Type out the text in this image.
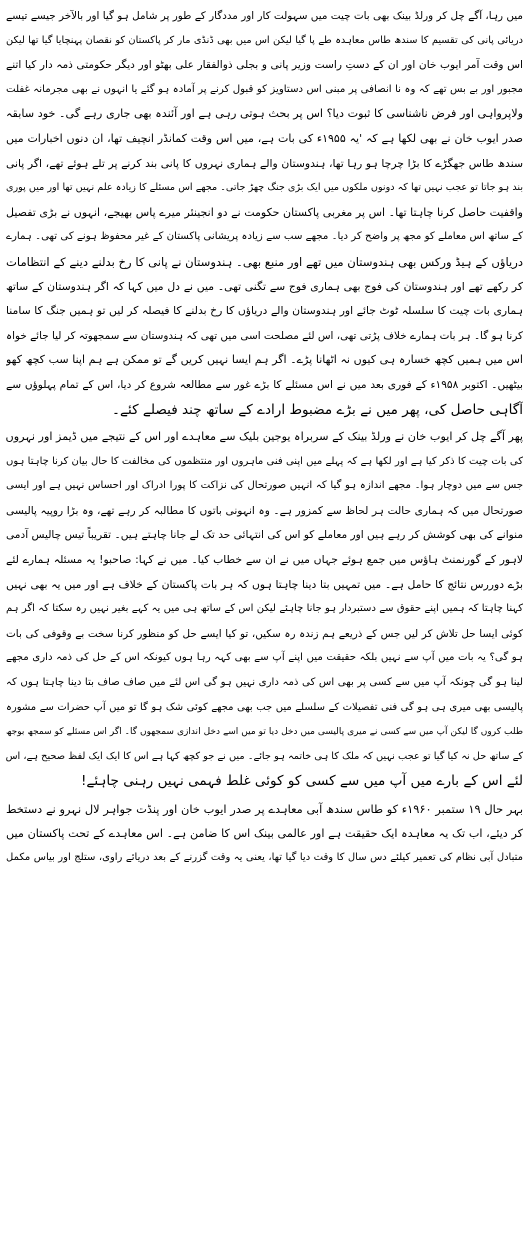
میں رہا، آگے چل کر ورلڈ بینک بھی بات چیت میں سہولت کار اور مددگار کے طور پر شامل ہو گیا اور بالآخر جیسے تیسے
دریائی پانی کی تقسیم کا سندھ طاس معاہدہ طے پا گیا لیکن اس میں بھی ڈنڈی مار کر پاکستان کو نقصان پہنچایا گیا تھا لیکن
اس وقت آمر ایوب خان اور ان کے دستِ راست وزیر پانی و بجلی ذوالفقار علی بھٹو اور دیگر حکومتی ذمہ دار کیا اتنے
مجبور اور بے بس تھے کہ وہ نا انصافی پر مبنی اس دستاویز کو قبول کرنے پر آمادہ ہو گئے یا انہوں نے بھی مجرمانہ غفلت
ولاپرواہی اور فرض ناشناسی کا ثبوت دیا؟ اس پر بحث ہوتی رہی ہے اور آئندہ بھی جاری رہے گی۔ خود سابقہ
صدر ایوب خان نے بھی لکھا ہے کہ 'یہ ۱۹۵۵ء کی بات ہے، میں اس وقت کمانڈر انچیف تھا، ان دنوں اخبارات میں
سندھ طاس جھگڑے کا بڑا چرچا ہو رہا تھا، ہندوستان والے ہماری نہروں کا پانی بند کرنے پر تلے ہوئے تھے، اگر پانی
بند ہو جاتا تو عجب نہیں تھا کہ دونوں ملکوں میں ایک بڑی جنگ چھڑ جاتی۔ مجھے اس مسئلے کا زیادہ علم نہیں تھا اور میں پوری
واقفیت حاصل کرنا چاہتا تھا۔ اس پر مغربی پاکستان حکومت نے دو انجینئر میرے پاس بھیجے، انہوں نے بڑی تفصیل
کے ساتھ اس معاملے کو مجھ پر واضح کر دیا۔ مجھے سب سے زیادہ پریشانی پاکستان کے غیر محفوظ ہونے کی تھی۔ ہمارے
دریاؤں کے ہیڈ ورکس بھی ہندوستان میں تھے اور منبع بھی۔ ہندوستان نے پانی کا رخ بدلنے دینے کے انتظامات
کر رکھے تھے اور ہندوستان کی فوج بھی ہماری فوج سے تگنی تھی۔ میں نے دل میں کہا کہ اگر ہندوستان کے ساتھ
ہماری بات چیت کا سلسلہ ٹوٹ جائے اور ہندوستان والے دریاؤں کا رخ بدلنے کا فیصلہ کر لیں تو ہمیں جنگ کا سامنا
کرنا ہو گا۔ ہر بات ہمارے خلاف پڑتی تھی، اس لئے مصلحت اسی میں تھی کہ ہندوستان سے سمجھوتہ کر لیا جائے خواہ
اس میں ہمیں کچھ خسارہ ہی کیوں نہ اٹھانا پڑے۔ اگر ہم ایسا نہیں کریں گے تو ممکن ہے ہم اپنا سب کچھ کھو
بیٹھیں۔ اکتوبر ۱۹۵۸ء کے فوری بعد میں نے اس مسئلے کا بڑے غور سے مطالعہ شروع کر دیا، اس کے تمام پہلوؤں سے
آگاہی حاصل کی، پھر میں نے بڑے مضبوط ارادے کے ساتھ چند فیصلے کئے۔
پھر آگے چل کر ایوب خان نے ورلڈ بینک کے سربراہ یوجین بلیک سے معاہدے اور اس کے نتیجے میں ڈیمز اور نہروں
کی بات چیت کا ذکر کیا ہے اور لکھا ہے کہ پہلے میں اپنی فنی ماہروں اور منتظموں کی مخالفت کا حال بیان کرنا چاہتا ہوں
جس سے میں دوچار ہوا۔ مجھے اندازہ ہو گیا کہ انہیں صورتحال کی نزاکت کا پورا ادراک اور احساس نہیں ہے اور ایسی
صورتحال میں کہ ہماری حالت ہر لحاظ سے کمزور ہے۔ وہ انہونی باتوں کا مطالبہ کر رہے تھے، وہ بڑا روپیہ پالیسی
منوانے کی بھی کوشش کر رہے ہیں اور معاملے کو اس کی انتہائی حد تک لے جانا چاہتے ہیں۔ تقریباً تیس چالیس آدمی
لاہور کے گورنمنٹ ہاؤس میں جمع ہوئے جہاں میں نے ان سے خطاب کیا۔ میں نے کہا: صاحبو! یہ مسئلہ ہمارے لئے
بڑے دوررس نتائج کا حامل ہے۔ میں تمہیں بتا دینا چاہتا ہوں کہ ہر بات پاکستان کے خلاف ہے اور میں یہ بھی نہیں
کہنا چاہتا کہ ہمیں اپنے حقوق سے دستبردار ہو جانا چاہئے لیکن اس کے ساتھ ہی میں یہ کہے بغیر نہیں رہ سکتا کہ اگر ہم
کوئی ایسا حل تلاش کر لیں جس کے ذریعے ہم زندہ رہ سکیں، تو کیا ایسے حل کو منظور کرنا سخت بے وقوفی کی بات
ہو گی؟ یہ بات میں آپ سے نہیں بلکہ حقیقت میں اپنے آپ سے بھی کہہ رہا ہوں کیونکہ اس کے حل کی ذمہ داری مجھے
لینا ہو گی چونکہ آپ میں سے کسی پر بھی اس کی ذمہ داری نہیں ہو گی اس لئے میں صاف صاف بتا دینا چاہتا ہوں کہ
پالیسی بھی میری ہی ہو گی فنی تفصیلات کے سلسلے میں جب بھی مجھے کوئی شک ہو گا تو میں آپ حضرات سے مشورہ
طلب کروں گا لیکن آپ میں سے کسی نے میری پالیسی میں دخل دیا تو میں اسے دخل اندازی سمجھوں گا۔ اگر اس مسئلے کو سمجھ بوجھ
کے ساتھ حل نہ کیا گیا تو عجب نہیں کہ ملک کا ہی خاتمہ ہو جائے۔ میں نے جو کچھ کہا ہے اس کا ایک ایک لفظ صحیح ہے، اس
لئے اس کے بارے میں آپ میں سے کسی کو کوئی غلط فہمی نہیں رہنی چاہئے!
بہر حال ۱۹ ستمبر ۱۹۶۰ء کو طاس سندھ آبی معاہدے پر صدر ایوب خان اور پنڈت جواہر لال نہرو نے دستخط
کر دیئے، اب تک یہ معاہدہ ایک حقیقت ہے اور عالمی بینک اس کا ضامن ہے۔ اس معاہدے کے تحت پاکستان میں
متبادل آبی نظام کی تعمیر کیلئے دس سال کا وقت دیا گیا تھا، یعنی یہ وقت گزرنے کے بعد دریائے راوی، ستلج اور بیاس مکمل
